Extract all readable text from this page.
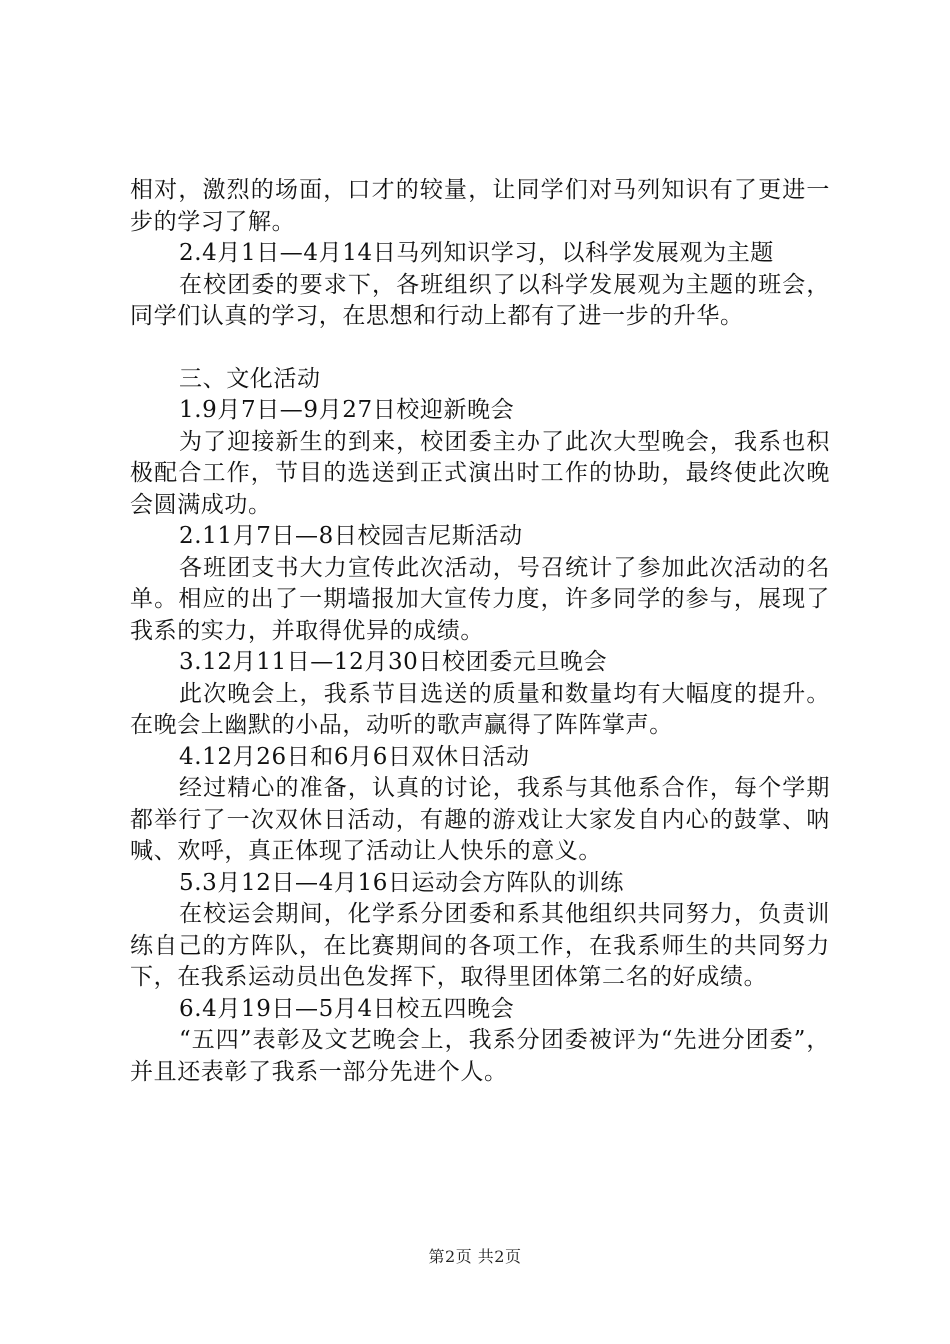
相对，激烈的场面，口才的较量，让同学们对马列知识有了更进一步的学习了解。

2.4月1日—4月14日马列知识学习，以科学发展观为主题

在校团委的要求下，各班组织了以科学发展观为主题的班会，同学们认真的学习，在思想和行动上都有了进一步的升华。

三、文化活动

1.9月7日—9月27日校迎新晚会

为了迎接新生的到来，校团委主办了此次大型晚会，我系也积极配合工作，节目的选送到正式演出时工作的协助，最终使此次晚会圆满成功。

2.11月7日—8日校园吉尼斯活动

各班团支书大力宣传此次活动，号召统计了参加此次活动的名单。相应的出了一期墙报加大宣传力度，许多同学的参与，展现了我系的实力，并取得优异的成绩。

3.12月11日—12月30日校团委元旦晚会

此次晚会上，我系节目选送的质量和数量均有大幅度的提升。在晚会上幽默的小品，动听的歌声赢得了阵阵掌声。

4.12月26日和6月6日双休日活动

经过精心的准备，认真的讨论，我系与其他系合作，每个学期都举行了一次双休日活动，有趣的游戏让大家发自内心的鼓掌、呐喊、欢呼，真正体现了活动让人快乐的意义。

5.3月12日—4月16日运动会方阵队的训练

在校运会期间，化学系分团委和系其他组织共同努力，负责训练自己的方阵队，在比赛期间的各项工作，在我系师生的共同努力下，在我系运动员出色发挥下，取得里团体第二名的好成绩。

6.4月19日—5月4日校五四晚会

“五四”表彰及文艺晚会上，我系分团委被评为“先进分团委”，并且还表彰了我系一部分先进个人。

第2页 共2页
